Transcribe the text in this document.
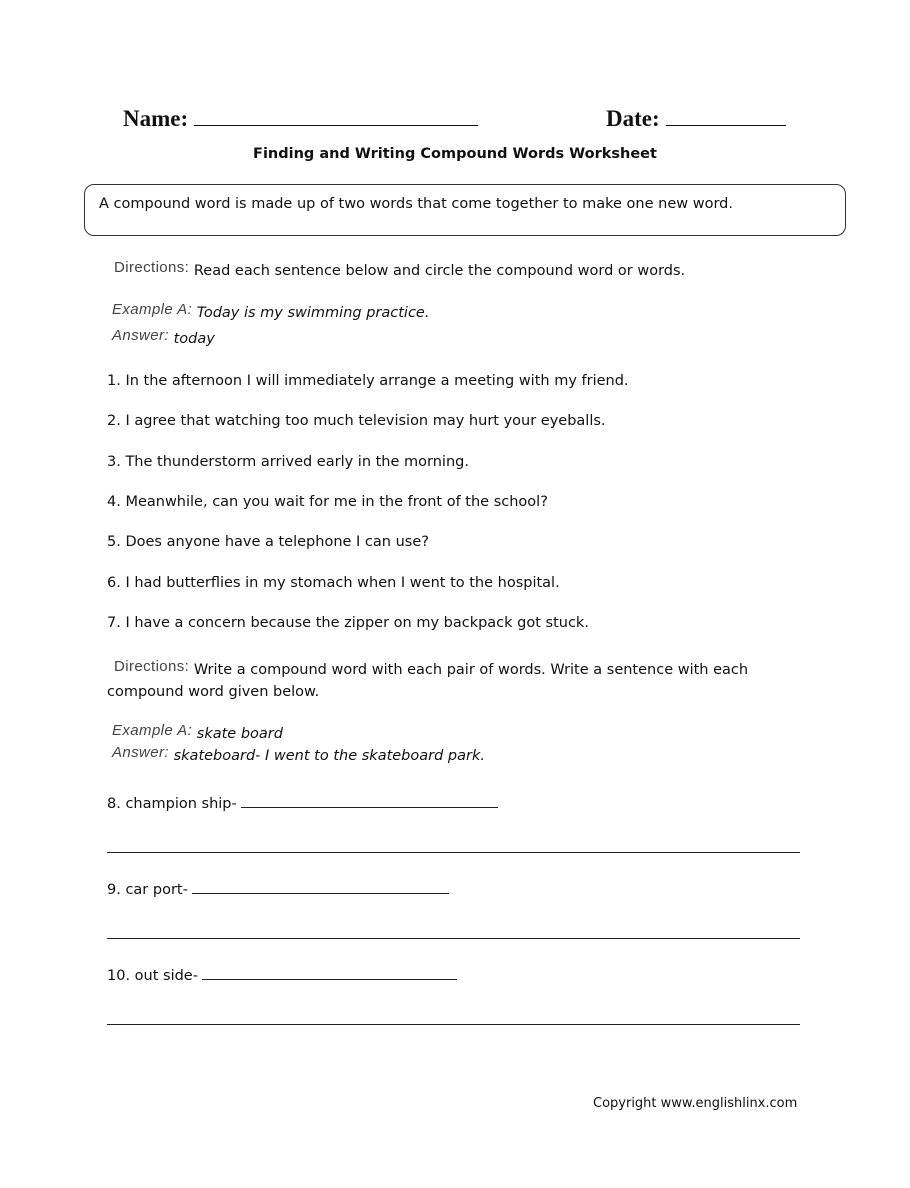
Name:	Date:
Finding and Writing Compound Words Worksheet
A compound word is made up of two words that come together to make one new word.
Directions: Read each sentence below and circle the compound word or words.
Example A: Today is my swimming practice.
Answer: today
1. In the afternoon I will immediately arrange a meeting with my friend.
2. I agree that watching too much television may hurt your eyeballs.
3. The thunderstorm arrived early in the morning.
4. Meanwhile, can you wait for me in the front of the school?
5. Does anyone have a telephone I can use?
6. I had butterflies in my stomach when I went to the hospital.
7. I have a concern because the zipper on my backpack got stuck.
Directions: Write a compound word with each pair of words. Write a sentence with each compound word given below.
Example A: skate board
Answer: skateboard- I went to the skateboard park.
8. champion ship-
9. car port-
10. out side-
Copyright www.englishlinx.com
